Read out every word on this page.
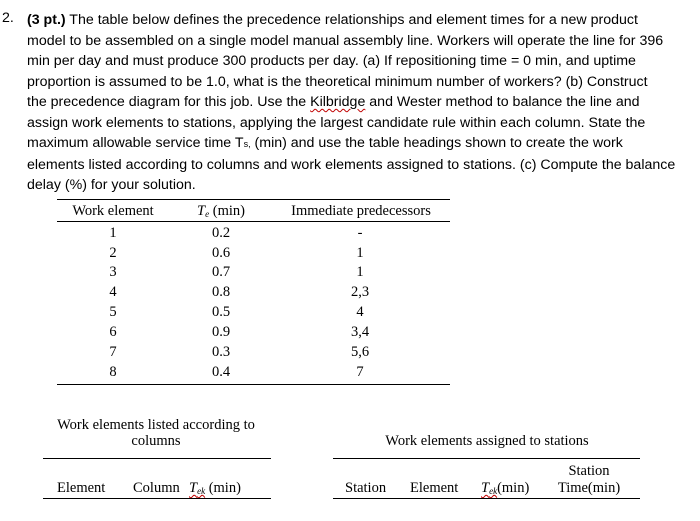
2. (3 pt.) The table below defines the precedence relationships and element times for a new product
model to be assembled on a single model manual assembly line. Workers will operate the line for 396
min per day and must produce 300 products per day. (a) If repositioning time = 0 min, and uptime
proportion is assumed to be 1.0, what is the theoretical minimum number of workers? (b) Construct
the precedence diagram for this job. Use the Kilbridge and Wester method to balance the line and
assign work elements to stations, applying the largest candidate rule within each column. State the
maximum allowable service time Ts, (min) and use the table headings shown to create the work
elements listed according to columns and work elements assigned to stations. (c) Compute the balance
delay (%) for your solution.
Work element	$T_e$ (min)	Immediate predecessors
1	0.2	-
2	0.6	1
3	0.7	1
4	0.8	2,3
5	0.5	4
6	0.9	3,4
7	0.3	5,6
8	0.4	7
Work elements listed according to
columns
Element Column $T_{ek}$ (min)
Work elements assigned to stations
Station Element $T_{ek}(\min)$
Station
Time(min)
